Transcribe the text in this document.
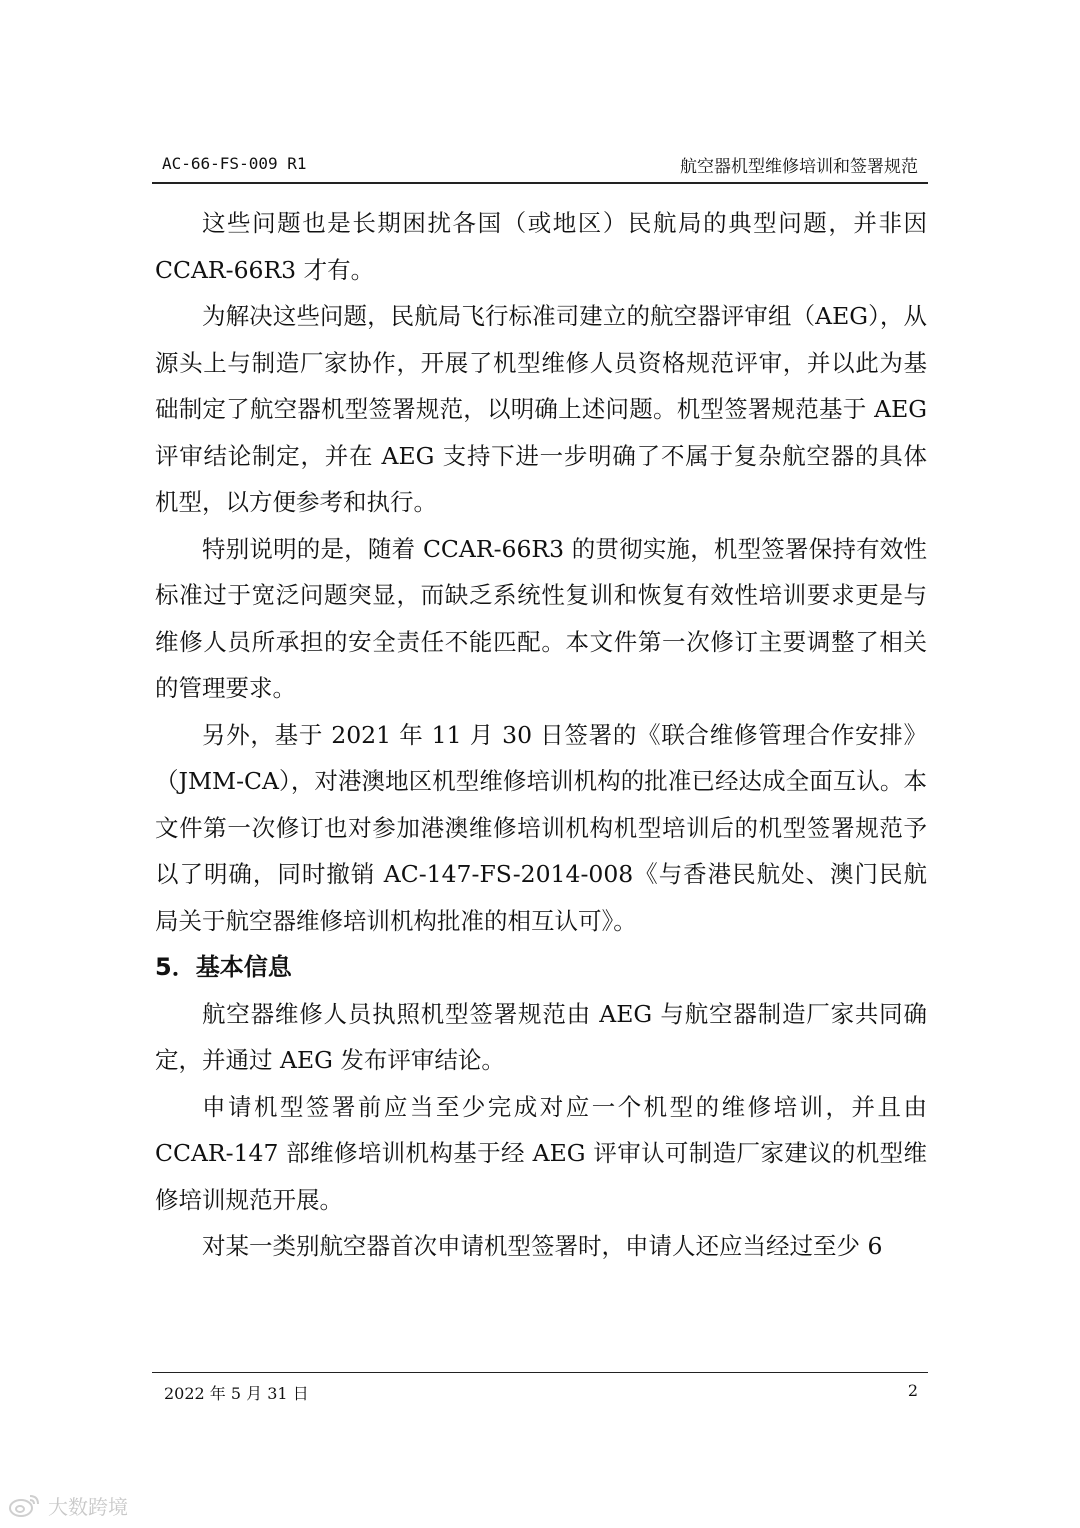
AC-66-FS-009 R1	航空器机型维修培训和签署规范

这些问题也是长期困扰各国（或地区）民航局的典型问题，并非因 CCAR-66R3 才有。

为解决这些问题，民航局飞行标准司建立的航空器评审组（AEG），从源头上与制造厂家协作，开展了机型维修人员资格规范评审，并以此为基础制定了航空器机型签署规范，以明确上述问题。机型签署规范基于 AEG 评审结论制定，并在 AEG 支持下进一步明确了不属于复杂航空器的具体机型，以方便参考和执行。

特别说明的是，随着 CCAR-66R3 的贯彻实施，机型签署保持有效性标准过于宽泛问题突显，而缺乏系统性复训和恢复有效性培训要求更是与维修人员所承担的安全责任不能匹配。本文件第一次修订主要调整了相关的管理要求。

另外，基于 2021 年 11 月 30 日签署的《联合维修管理合作安排》（JMM-CA），对港澳地区机型维修培训机构的批准已经达成全面互认。本文件第一次修订也对参加港澳维修培训机构机型培训后的机型签署规范予以了明确，同时撤销 AC-147-FS-2014-008《与香港民航处、澳门民航局关于航空器维修培训机构批准的相互认可》。

5．基本信息

航空器维修人员执照机型签署规范由 AEG 与航空器制造厂家共同确定，并通过 AEG 发布评审结论。

申请机型签署前应当至少完成对应一个机型的维修培训，并且由 CCAR-147 部维修培训机构基于经 AEG 评审认可制造厂家建议的机型维修培训规范开展。

对某一类别航空器首次申请机型签署时，申请人还应当经过至少 6

2022 年 5 月 31 日	2
大数跨境
